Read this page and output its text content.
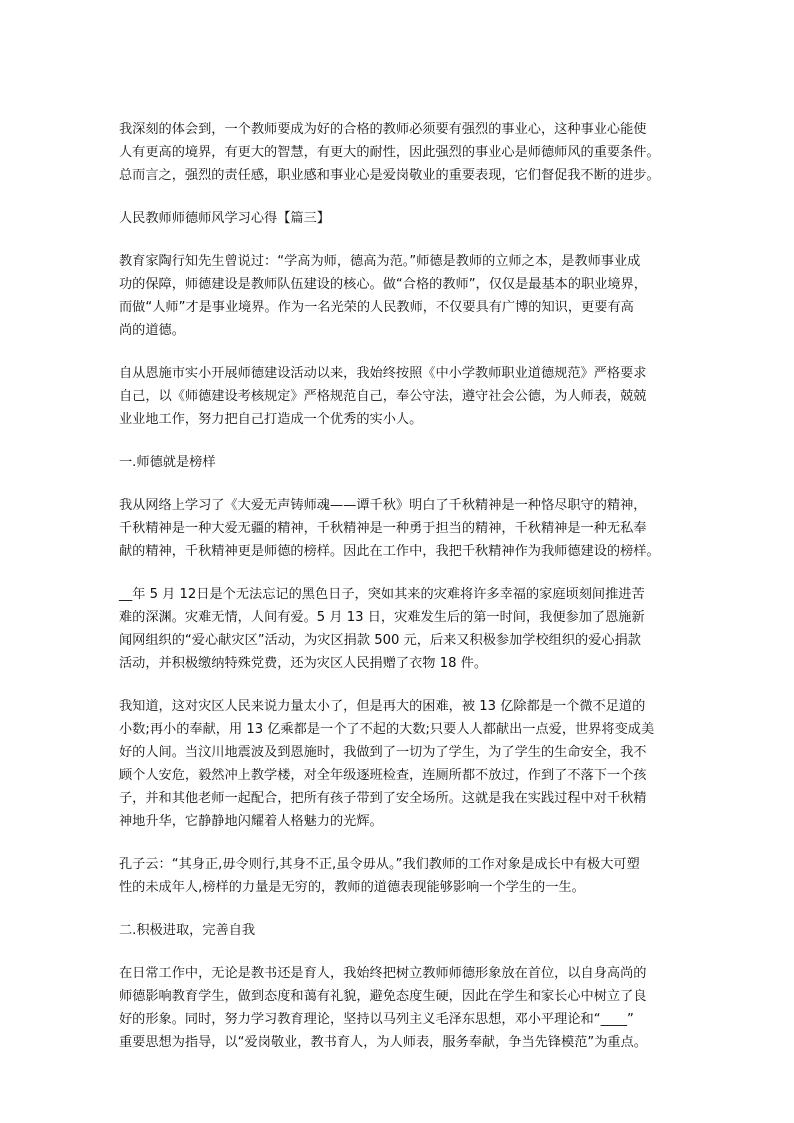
我深刻的体会到，一个教师要成为好的合格的教师必须要有强烈的事业心，这种事业心能使
人有更高的境界，有更大的智慧，有更大的耐性，因此强烈的事业心是师德师风的重要条件。
总而言之，强烈的责任感，职业感和事业心是爱岗敬业的重要表现，它们督促我不断的进步。

人民教师师德师风学习心得【篇三】

教育家陶行知先生曾说过：“学高为师，德高为范。”师德是教师的立师之本，是教师事业成
功的保障，师德建设是教师队伍建设的核心。做“合格的教师”，仅仅是最基本的职业境界，
而做“人师”才是事业境界。作为一名光荣的人民教师，不仅要具有广博的知识，更要有高
尚的道德。

自从恩施市实小开展师德建设活动以来，我始终按照《中小学教师职业道德规范》严格要求
自己，以《师德建设考核规定》严格规范自己，奉公守法，遵守社会公德，为人师表，兢兢
业业地工作，努力把自己打造成一个优秀的实小人。

一.师德就是榜样

我从网络上学习了《大爱无声铸师魂——谭千秋》明白了千秋精神是一种恪尽职守的精神，
千秋精神是一种大爱无疆的精神，千秋精神是一种勇于担当的精神，千秋精神是一种无私奉
献的精神，千秋精神更是师德的榜样。因此在工作中，我把千秋精神作为我师德建设的榜样。

__年 5 月 12日是个无法忘记的黑色日子，突如其来的灾难将许多幸福的家庭顷刻间推进苦
难的深渊。灾难无情，人间有爱。5 月 13 日，灾难发生后的第一时间，我便参加了恩施新
闻网组织的“爱心献灾区”活动，为灾区捐款 500 元，后来又积极参加学校组织的爱心捐款
活动，并积极缴纳特殊党费，还为灾区人民捐赠了衣物 18 件。

我知道，这对灾区人民来说力量太小了，但是再大的困难，被 13 亿除都是一个微不足道的
小数;再小的奉献，用 13 亿乘都是一个了不起的大数;只要人人都献出一点爱，世界将变成美
好的人间。当汶川地震波及到恩施时，我做到了一切为了学生，为了学生的生命安全，我不
顾个人安危，毅然冲上教学楼，对全年级逐班检查，连厕所都不放过，作到了不落下一个孩
子，并和其他老师一起配合，把所有孩子带到了安全场所。这就是我在实践过程中对千秋精
神地升华，它静静地闪耀着人格魅力的光辉。

孔子云：“其身正,毋令则行,其身不正,虽令毋从。”我们教师的工作对象是成长中有极大可塑
性的未成年人,榜样的力量是无穷的，教师的道德表现能够影响一个学生的一生。

二.积极进取，完善自我

在日常工作中，无论是教书还是育人，我始终把树立教师师德形象放在首位，以自身高尚的
师德影响教育学生，做到态度和蔼有礼貌，避免态度生硬，因此在学生和家长心中树立了良
好的形象。同时，努力学习教育理论，坚持以马列主义毛泽东思想，邓小平理论和“____”
重要思想为指导，以“爱岗敬业，教书育人，为人师表，服务奉献，争当先锋模范”为重点。
